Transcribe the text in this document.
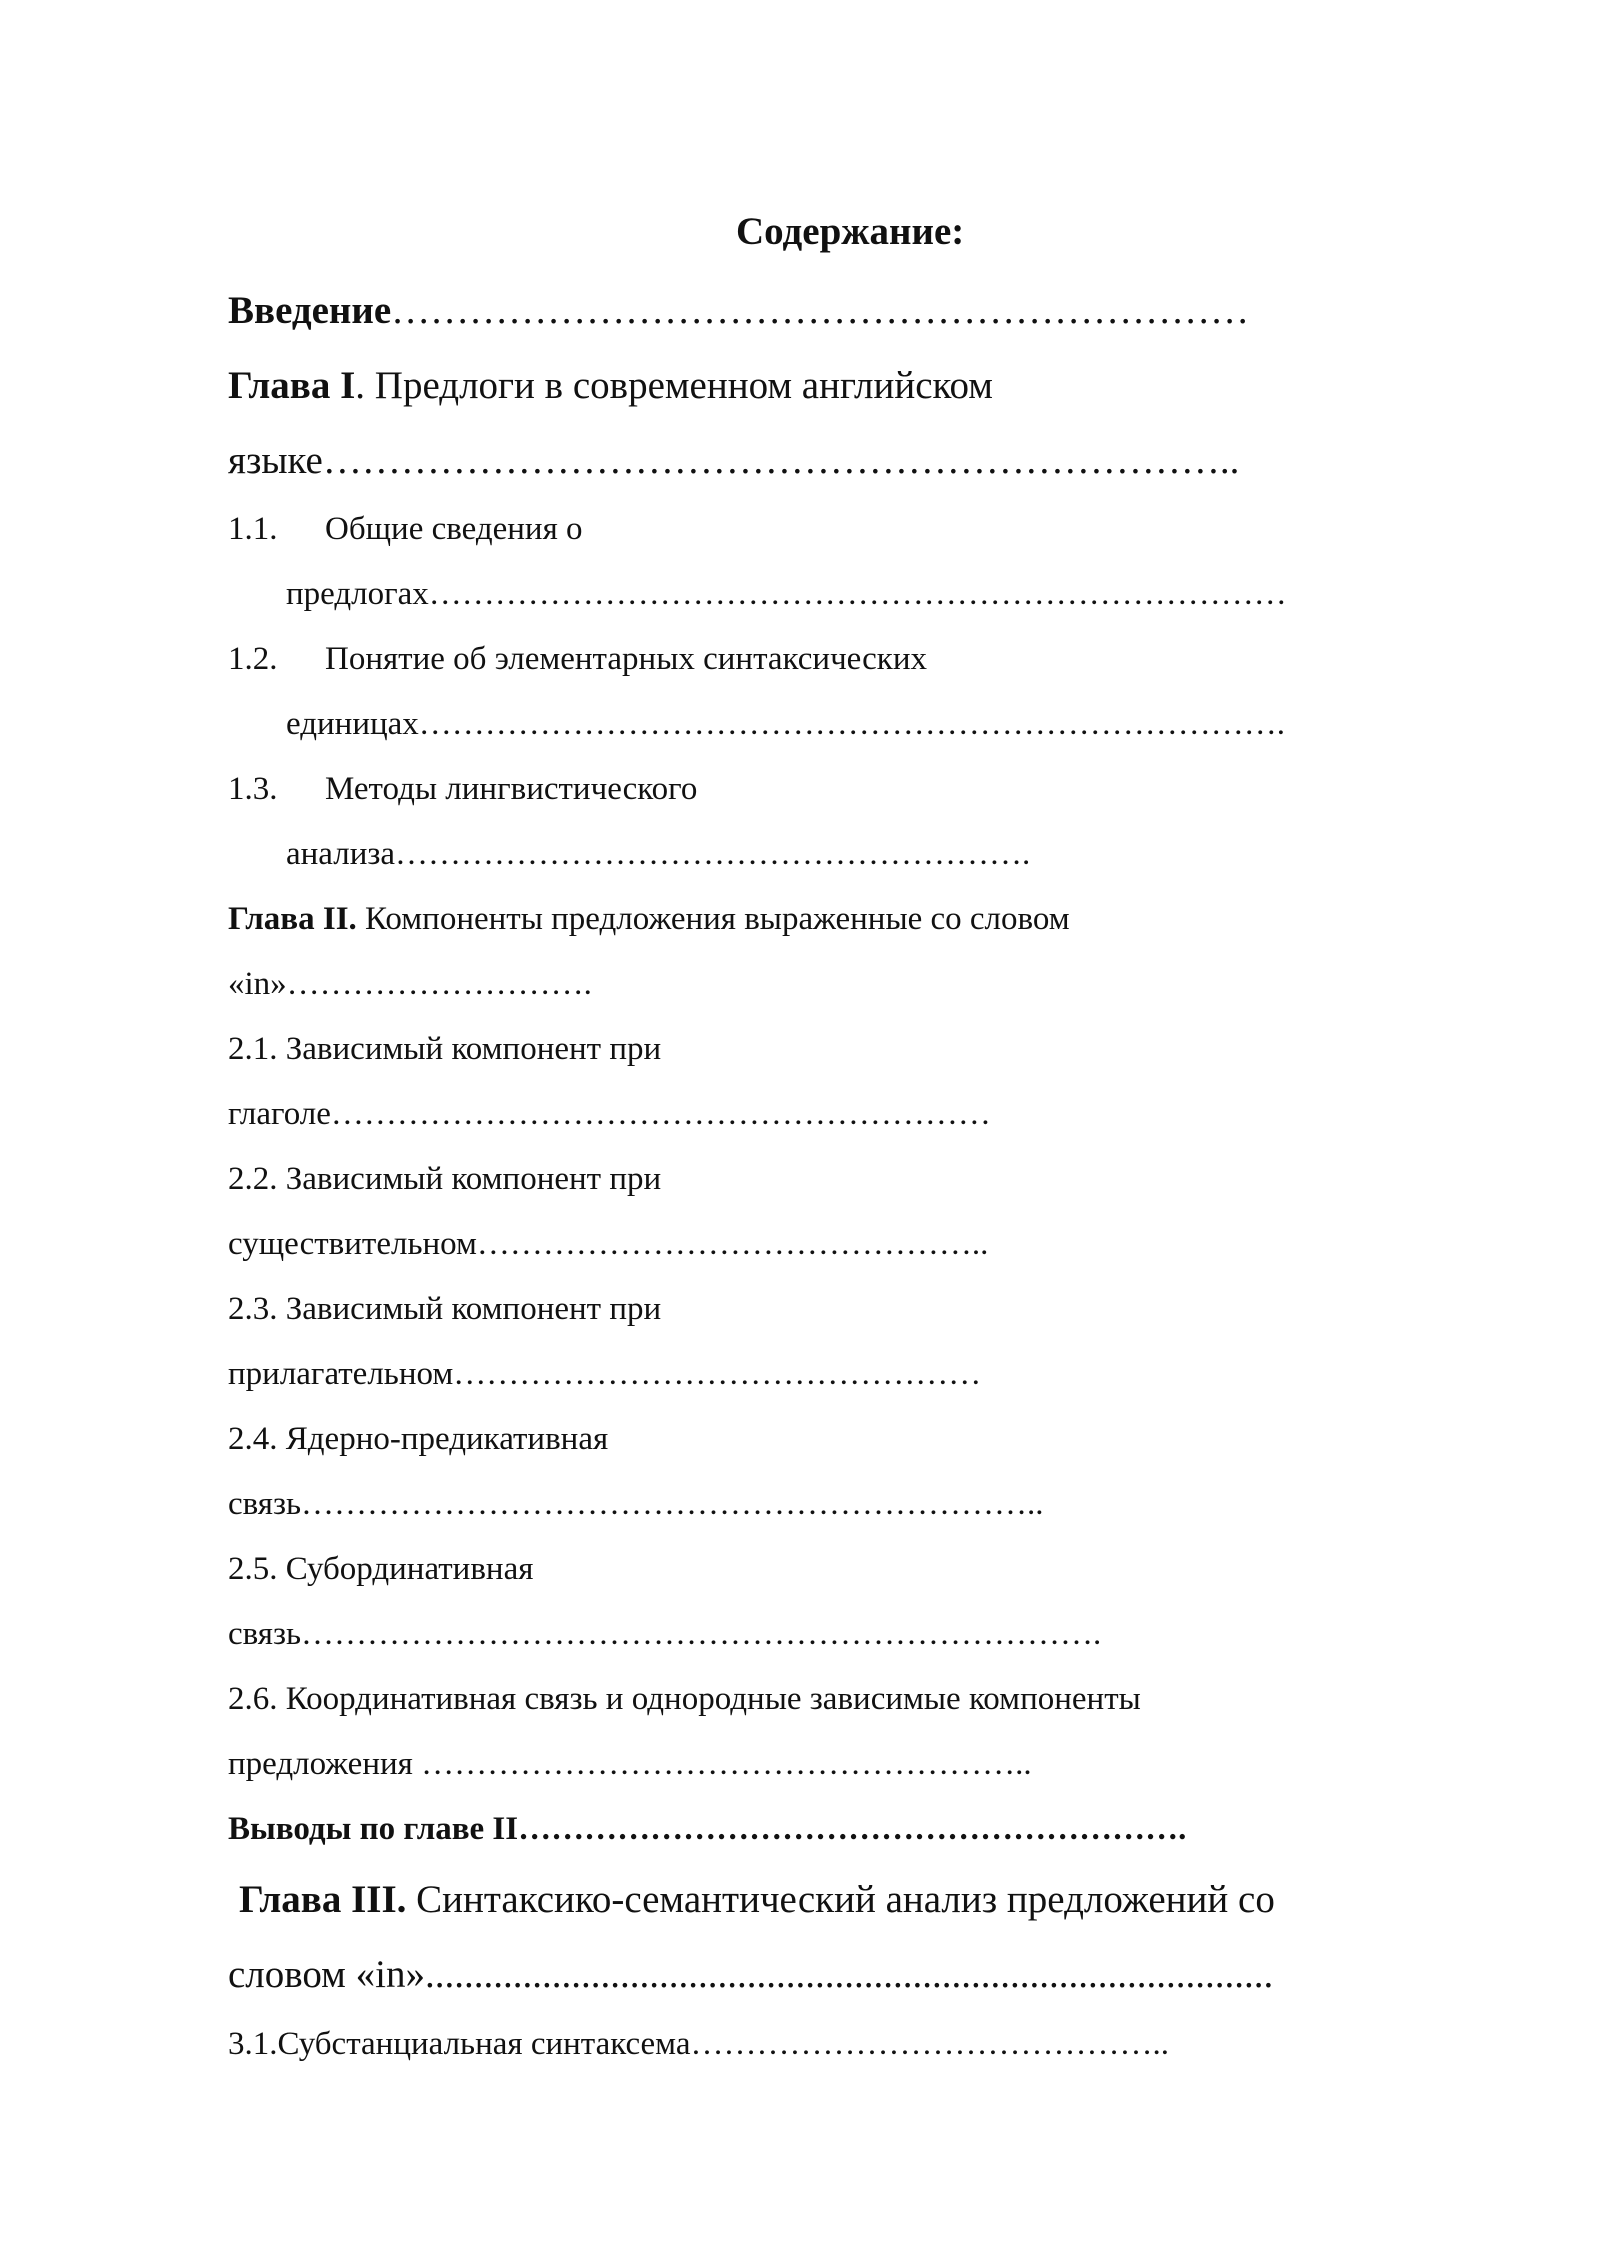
Содержание:
Введение…………………………………………………………
Глава I. Предлоги в современном английском
языке……………………………………………………………..
1.1. Общие сведения о
предлогах……………………………………………………………………
1.2. Понятие об элементарных синтаксических
единицах…………………………………………………………………….
1.3. Методы лингвистического
анализа………………………………………………….
Глава II. Компоненты предложения выраженные со словом
«in»……………………….
2.1. Зависимый компонент при
глаголе……………………………………………………
2.2. Зависимый компонент при
существительном………………………………………..
2.3. Зависимый компонент при
прилагательном…………………………………………
2.4. Ядерно-предикативная
связь…………………………………………………………..
2.5. Субординативная
связь……………………………………………………………….
2.6. Координативная связь и однородные зависимые компоненты
предложения ………………………………………………..
Выводы по главе II…………………………………………………….
Глава III. Синтаксико-семантический анализ предложений со
словом «in».......................................................................................
3.1.Субстанциальная синтаксема……………………………………..
